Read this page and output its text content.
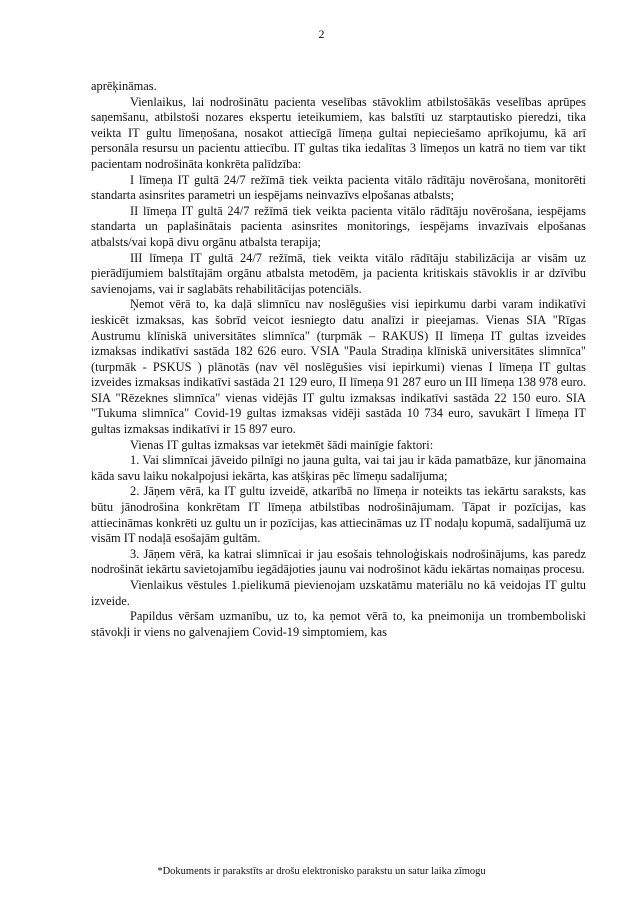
2

aprēķināmas.

Vienlaikus, lai nodrošinātu pacienta veselības stāvoklim atbilstošākās veselības aprūpes saņemšanu, atbilstoši nozares ekspertu ieteikumiem, kas balstīti uz starptautisko pieredzi, tika veikta IT gultu līmeņošana, nosakot attiecīgā līmeņa gultai nepieciešamo aprīkojumu, kā arī personāla resursu un pacientu attiecību. IT gultas tika iedalītas 3 līmeņos un katrā no tiem var tikt pacientam nodrošināta konkrēta palīdzība:

I līmeņa IT gultā 24/7 režīmā tiek veikta pacienta vitālo rādītāju novērošana, monitorēti standarta asinsrites parametri un iespējams neinvazīvs elpošanas atbalsts;

II līmeņa IT gultā 24/7 režīmā tiek veikta pacienta vitālo rādītāju novērošana, iespējams standarta un paplašinātais pacienta asinsrites monitorings, iespējams invazīvais elpošanas atbalsts/vai kopā divu orgānu atbalsta terapija;

III līmeņa IT gultā 24/7 režīmā, tiek veikta vitālo rādītāju stabilizācija ar visām uz pierādījumiem balstītajām orgānu atbalsta metodēm, ja pacienta kritiskais stāvoklis ir ar dzīvību savienojams, vai ir saglabāts rehabilitācijas potenciāls.

Ņemot vērā to, ka daļā slimnīcu nav noslēgušies visi iepirkumu darbi varam indikatīvi ieskicēt izmaksas, kas šobrīd veicot iesniegto datu analīzi ir pieejamas. Vienas SIA "Rīgas Austrumu klīniskā universitātes slimnīca" (turpmāk – RAKUS) II līmeņa IT gultas izveides izmaksas indikatīvi sastāda 182 626 euro. VSIA "Paula Stradiņa klīniskā universitātes slimnīca" (turpmāk - PSKUS ) plānotās (nav vēl noslēgušies visi iepirkumi) vienas I līmeņa IT gultas izveides izmaksas indikatīvi sastāda 21 129 euro, II līmeņa 91 287 euro un III līmeņa 138 978 euro. SIA "Rēzeknes slimnīca" vienas vidējās IT gultu izmaksas indikatīvi sastāda 22 150 euro. SIA "Tukuma slimnīca" Covid-19 gultas izmaksas vidēji sastāda 10 734 euro, savukārt I līmeņa IT gultas izmaksas indikatīvi ir 15 897 euro.

Vienas IT gultas izmaksas var ietekmēt šādi mainīgie faktori:

1. Vai slimnīcai jāveido pilnīgi no jauna gulta, vai tai jau ir kāda pamatbāze, kur jānomaina kāda savu laiku nokalpojusi iekārta, kas atšķiras pēc līmeņu sadalījuma;

2. Jāņem vērā, ka IT gultu izveidē, atkarībā no līmeņa ir noteikts tas iekārtu saraksts, kas būtu jānodrošina konkrētam IT līmeņa atbilstības nodrošinājumam. Tāpat ir pozīcijas, kas attiecināmas konkrēti uz gultu un ir pozīcijas, kas attiecināmas uz IT nodaļu kopumā, sadalījumā uz visām IT nodaļā esošajām gultām.

3. Jāņem vērā, ka katrai slimnīcai ir jau esošais tehnoloģiskais nodrošinājums, kas paredz nodrošināt iekārtu savietojamību iegādājoties jaunu vai nodrošinot kādu iekārtas nomaiņas procesu.

Vienlaikus vēstules 1.pielikumā pievienojam uzskatāmu materiālu no kā veidojas IT gultu izveide.

Papildus vēršam uzmanību, uz to, ka ņemot vērā to, ka pneimonija un trombemboliski stāvokļi ir viens no galvenajiem Covid-19 simptomiem, kas

*Dokuments ir parakstīts ar drošu elektronisko parakstu un satur laika zīmogu
